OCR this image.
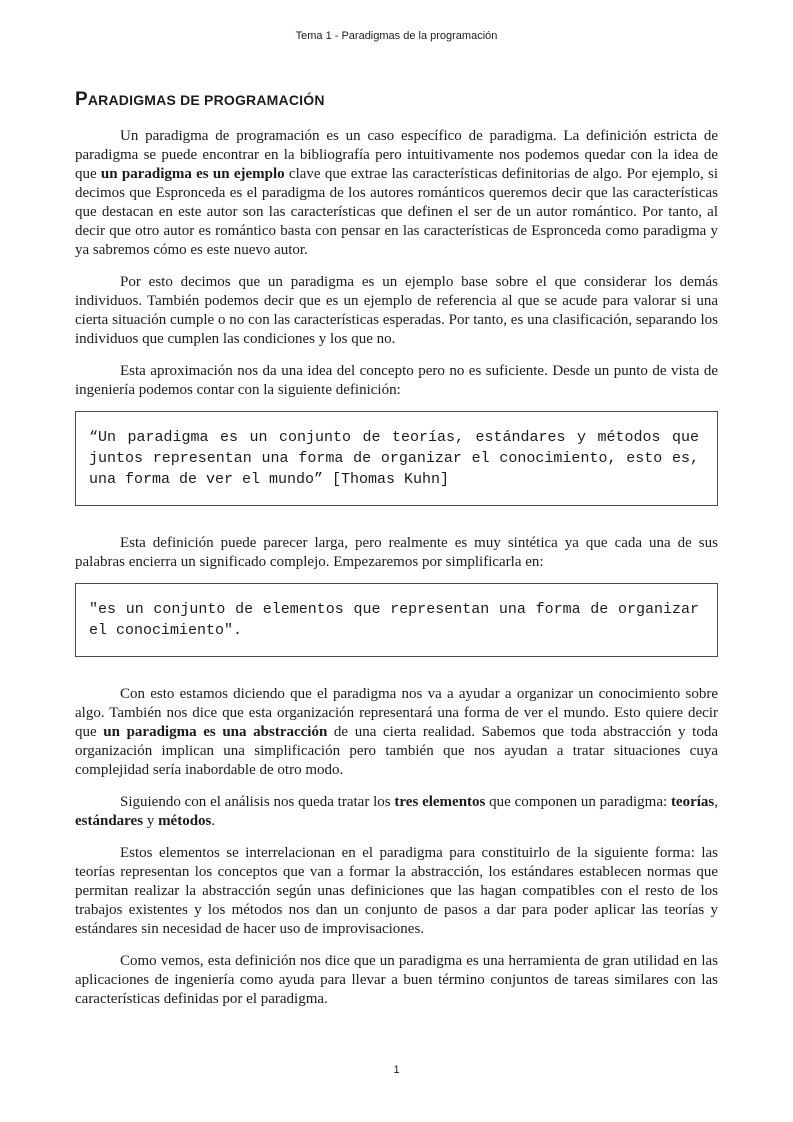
Tema 1 - Paradigmas de la programación
PARADIGMAS DE PROGRAMACIÓN

Un paradigma de programación es un caso específico de paradigma. La definición estricta de paradigma se puede encontrar en la bibliografía pero intuitivamente nos podemos quedar con la idea de que un paradigma es un ejemplo clave que extrae las características definitorias de algo. Por ejemplo, si decimos que Espronceda es el paradigma de los autores románticos queremos decir que las características que destacan en este autor son las características que definen el ser de un autor romántico. Por tanto, al decir que otro autor es romántico basta con pensar en las características de Espronceda como paradigma y ya sabremos cómo es este nuevo autor.

Por esto decimos que un paradigma es un ejemplo base sobre el que considerar los demás individuos. También podemos decir que es un ejemplo de referencia al que se acude para valorar si una cierta situación cumple o no con las características esperadas. Por tanto, es una clasificación, separando los individuos que cumplen las condiciones y los que no.

Esta aproximación nos da una idea del concepto pero no es suficiente. Desde un punto de vista de ingeniería podemos contar con la siguiente definición:

“Un paradigma es un conjunto de teorías, estándares y métodos que juntos representan una forma de organizar el conocimiento, esto es, una forma de ver el mundo” [Thomas Kuhn]

Esta definición puede parecer larga, pero realmente es muy sintética ya que cada una de sus palabras encierra un significado complejo. Empezaremos por simplificarla en:

"es un conjunto de elementos que representan una forma de organizar el conocimiento".

Con esto estamos diciendo que el paradigma nos va a ayudar a organizar un conocimiento sobre algo. También nos dice que esta organización representará una forma de ver el mundo. Esto quiere decir que un paradigma es una abstracción de una cierta realidad. Sabemos que toda abstracción y toda organización implican una simplificación pero también que nos ayudan a tratar situaciones cuya complejidad sería inabordable de otro modo.

Siguiendo con el análisis nos queda tratar los tres elementos que componen un paradigma: teorías, estándares y métodos.

Estos elementos se interrelacionan en el paradigma para constituirlo de la siguiente forma: las teorías representan los conceptos que van a formar la abstracción, los estándares establecen normas que permitan realizar la abstracción según unas definiciones que las hagan compatibles con el resto de los trabajos existentes y los métodos nos dan un conjunto de pasos a dar para poder aplicar las teorías y estándares sin necesidad de hacer uso de improvisaciones.

Como vemos, esta definición nos dice que un paradigma es una herramienta de gran utilidad en las aplicaciones de ingeniería como ayuda para llevar a buen término conjuntos de tareas similares con las características definidas por el paradigma.

1
